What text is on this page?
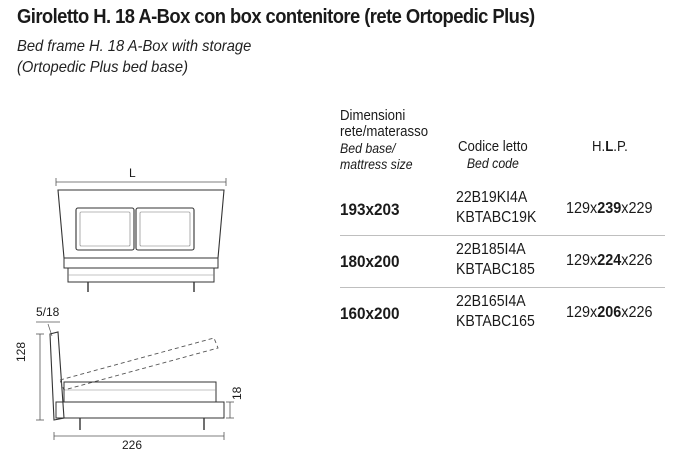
Giroletto H. 18 A-Box con box contenitore (rete Ortopedic Plus)
Bed frame H. 18 A-Box with storage
(Ortopedic Plus bed base)
Dimensioni
rete/materasso
Bed base/
mattress size
Codice letto
Bed code
H.L.P.
193x203
22B19KI4A
KBTABC19K
129x239x229
180x200
22B185I4A
KBTABC185
129x224x226
160x200
22B165I4A
KBTABC165
129x206x226
L
5/18
128
18
226
